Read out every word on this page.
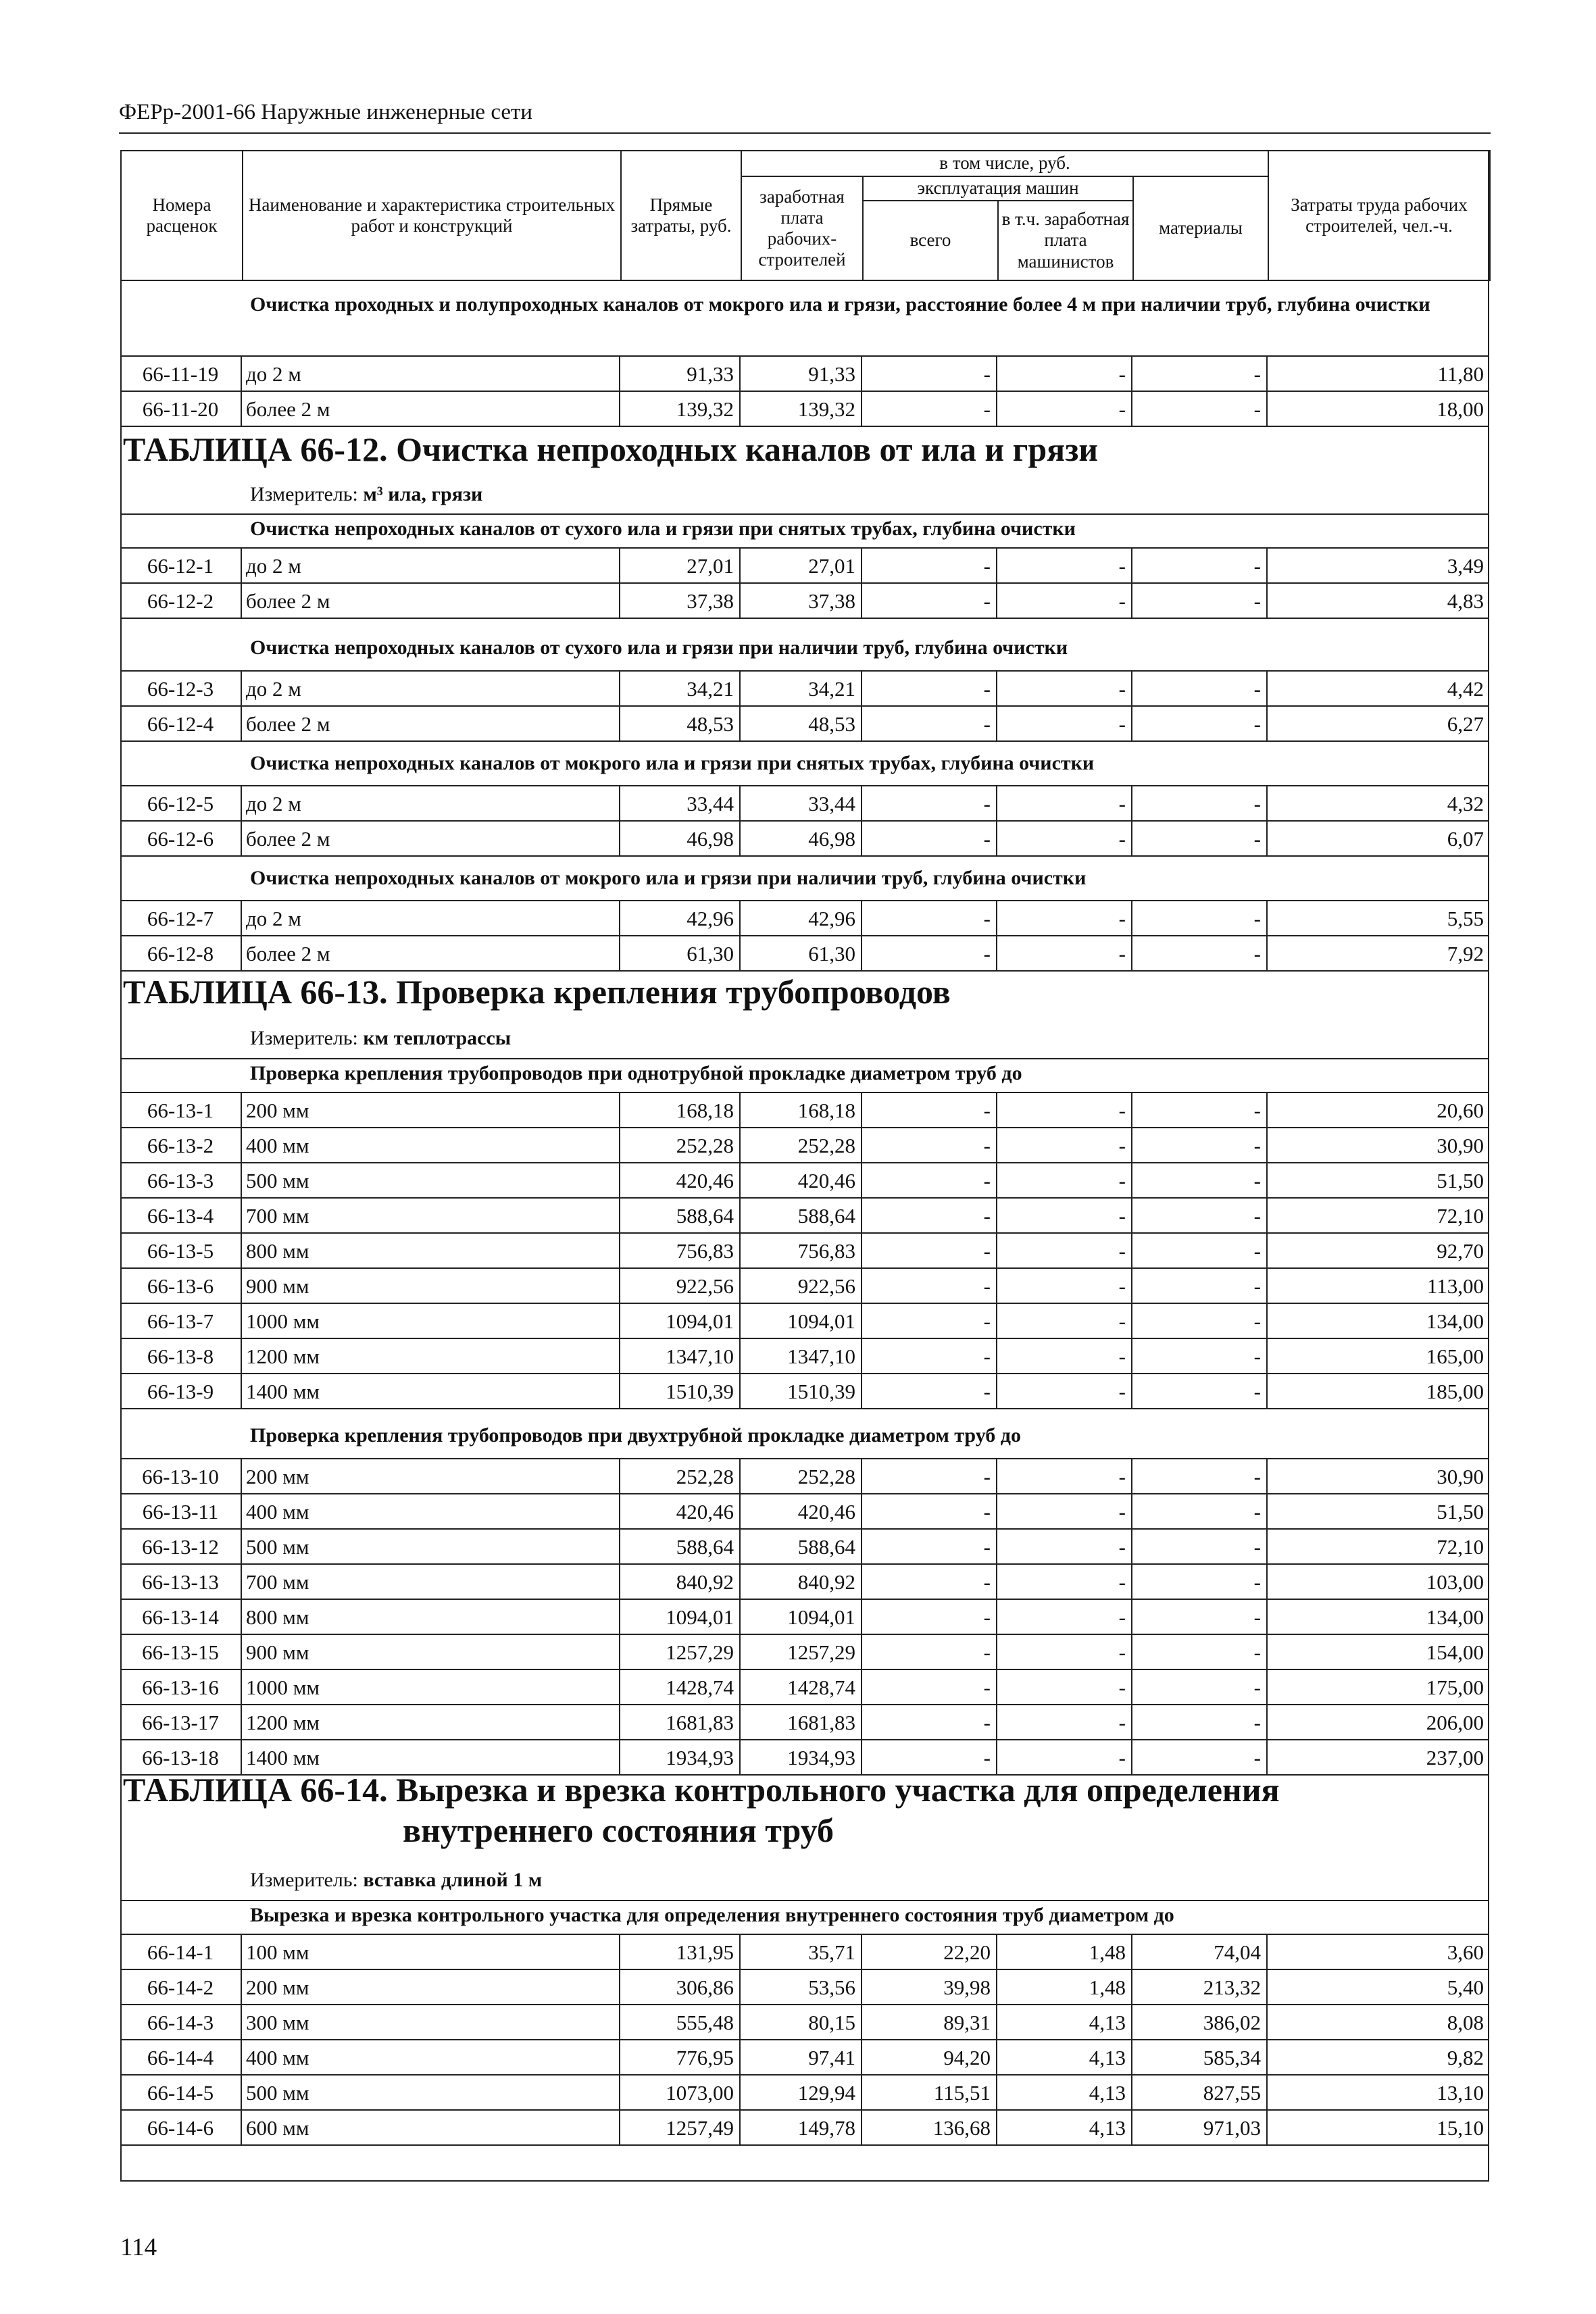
ФЕРр-2001-66 Наружные инженерные сети
Номера расценок	Наименование и характеристика строительных работ и конструкций	Прямые затраты, руб.	в том числе, руб.				Затраты труда рабочих строителей, чел.-ч.
			заработная плата рабочих-строителей	эксплуатация машин		материалы	
				всего	в т.ч. заработная плата машинистов		
Очистка проходных и полупроходных каналов от мокрого ила и грязи, расстояние более 4 м при наличии труб, глубина очистки
66-11-19	до 2 м	91,33	91,33	-	-	-	11,80
66-11-20	более 2 м	139,32	139,32	-	-	-	18,00
ТАБЛИЦА 66-12. Очистка непроходных каналов от ила и грязи
Измеритель: м³ ила, грязи
Очистка непроходных каналов от сухого ила и грязи при снятых трубах, глубина очистки
66-12-1	до 2 м	27,01	27,01	-	-	-	3,49
66-12-2	более 2 м	37,38	37,38	-	-	-	4,83
Очистка непроходных каналов от сухого ила и грязи при наличии труб, глубина очистки
66-12-3	до 2 м	34,21	34,21	-	-	-	4,42
66-12-4	более 2 м	48,53	48,53	-	-	-	6,27
Очистка непроходных каналов от мокрого ила и грязи при снятых трубах, глубина очистки
66-12-5	до 2 м	33,44	33,44	-	-	-	4,32
66-12-6	более 2 м	46,98	46,98	-	-	-	6,07
Очистка непроходных каналов от мокрого ила и грязи при наличии труб, глубина очистки
66-12-7	до 2 м	42,96	42,96	-	-	-	5,55
66-12-8	более 2 м	61,30	61,30	-	-	-	7,92
ТАБЛИЦА 66-13. Проверка крепления трубопроводов
Измеритель: км теплотрассы
Проверка крепления трубопроводов при однотрубной прокладке диаметром труб до
66-13-1	200 мм	168,18	168,18	-	-	-	20,60
66-13-2	400 мм	252,28	252,28	-	-	-	30,90
66-13-3	500 мм	420,46	420,46	-	-	-	51,50
66-13-4	700 мм	588,64	588,64	-	-	-	72,10
66-13-5	800 мм	756,83	756,83	-	-	-	92,70
66-13-6	900 мм	922,56	922,56	-	-	-	113,00
66-13-7	1000 мм	1094,01	1094,01	-	-	-	134,00
66-13-8	1200 мм	1347,10	1347,10	-	-	-	165,00
66-13-9	1400 мм	1510,39	1510,39	-	-	-	185,00
Проверка крепления трубопроводов при двухтрубной прокладке диаметром труб до
66-13-10	200 мм	252,28	252,28	-	-	-	30,90
66-13-11	400 мм	420,46	420,46	-	-	-	51,50
66-13-12	500 мм	588,64	588,64	-	-	-	72,10
66-13-13	700 мм	840,92	840,92	-	-	-	103,00
66-13-14	800 мм	1094,01	1094,01	-	-	-	134,00
66-13-15	900 мм	1257,29	1257,29	-	-	-	154,00
66-13-16	1000 мм	1428,74	1428,74	-	-	-	175,00
66-13-17	1200 мм	1681,83	1681,83	-	-	-	206,00
66-13-18	1400 мм	1934,93	1934,93	-	-	-	237,00
ТАБЛИЦА 66-14. Вырезка и врезка контрольного участка для определения
внутреннего состояния труб
Измеритель: вставка длиной 1 м
Вырезка и врезка контрольного участка для определения внутреннего состояния труб диаметром до
66-14-1	100 мм	131,95	35,71	22,20	1,48	74,04	3,60
66-14-2	200 мм	306,86	53,56	39,98	1,48	213,32	5,40
66-14-3	300 мм	555,48	80,15	89,31	4,13	386,02	8,08
66-14-4	400 мм	776,95	97,41	94,20	4,13	585,34	9,82
66-14-5	500 мм	1073,00	129,94	115,51	4,13	827,55	13,10
66-14-6	600 мм	1257,49	149,78	136,68	4,13	971,03	15,10
114
